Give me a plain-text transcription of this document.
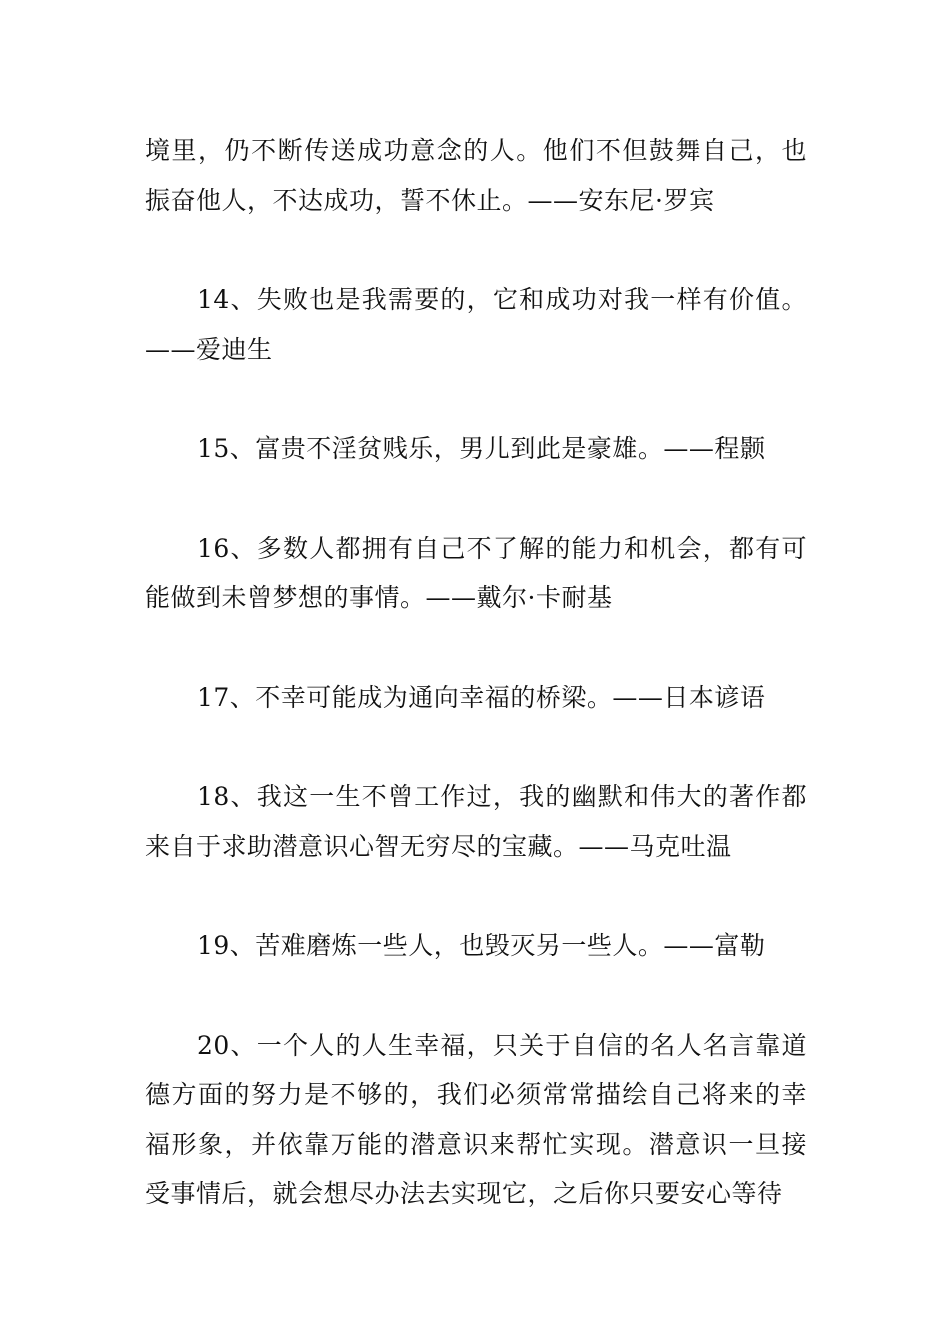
境里，仍不断传送成功意念的人。他们不但鼓舞自己，也振奋他人，不达成功，誓不休止。——安东尼·罗宾

14、失败也是我需要的，它和成功对我一样有价值。——爱迪生

15、富贵不淫贫贱乐，男儿到此是豪雄。——程颢

16、多数人都拥有自己不了解的能力和机会，都有可能做到未曾梦想的事情。——戴尔·卡耐基

17、不幸可能成为通向幸福的桥梁。——日本谚语

18、我这一生不曾工作过，我的幽默和伟大的著作都来自于求助潜意识心智无穷尽的宝藏。——马克吐温

19、苦难磨炼一些人，也毁灭另一些人。——富勒

20、一个人的人生幸福，只关于自信的名人名言靠道德方面的努力是不够的，我们必须常常描绘自己将来的幸福形象，并依靠万能的潜意识来帮忙实现。潜意识一旦接受事情后，就会想尽办法去实现它，之后你只要安心等待
